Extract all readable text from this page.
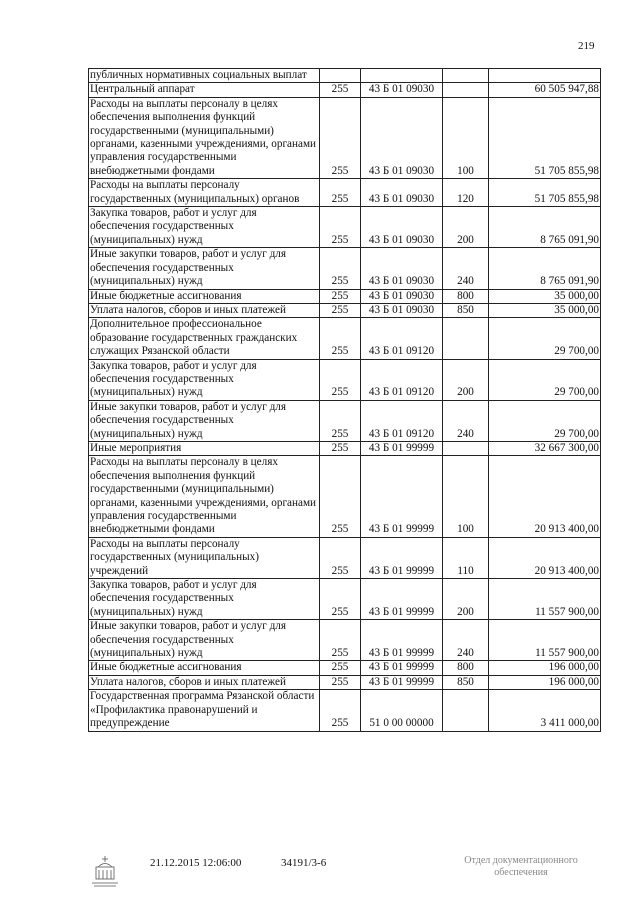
219
публичных нормативных социальных выплат				
Центральный аппарат	255	43 Б 01 09030		60 505 947,88
Расходы на выплаты персоналу в целях обеспечения выполнения функций государственными (муниципальными) органами, казенными учреждениями, органами управления государственными внебюджетными фондами	255	43 Б 01 09030	100	51 705 855,98
Расходы на выплаты персоналу государственных (муниципальных) органов	255	43 Б 01 09030	120	51 705 855,98
Закупка товаров, работ и услуг для обеспечения государственных (муниципальных) нужд	255	43 Б 01 09030	200	8 765 091,90
Иные закупки товаров, работ и услуг для обеспечения государственных (муниципальных) нужд	255	43 Б 01 09030	240	8 765 091,90
Иные бюджетные ассигнования	255	43 Б 01 09030	800	35 000,00
Уплата налогов, сборов и иных платежей	255	43 Б 01 09030	850	35 000,00
Дополнительное профессиональное образование государственных гражданских служащих Рязанской области	255	43 Б 01 09120		29 700,00
Закупка товаров, работ и услуг для обеспечения государственных (муниципальных) нужд	255	43 Б 01 09120	200	29 700,00
Иные закупки товаров, работ и услуг для обеспечения государственных (муниципальных) нужд	255	43 Б 01 09120	240	29 700,00
Иные мероприятия	255	43 Б 01 99999		32 667 300,00
Расходы на выплаты персоналу в целях обеспечения выполнения функций государственными (муниципальными) органами, казенными учреждениями, органами управления государственными внебюджетными фондами	255	43 Б 01 99999	100	20 913 400,00
Расходы на выплаты персоналу государственных (муниципальных) учреждений	255	43 Б 01 99999	110	20 913 400,00
Закупка товаров, работ и услуг для обеспечения государственных (муниципальных) нужд	255	43 Б 01 99999	200	11 557 900,00
Иные закупки товаров, работ и услуг для обеспечения государственных (муниципальных) нужд	255	43 Б 01 99999	240	11 557 900,00
Иные бюджетные ассигнования	255	43 Б 01 99999	800	196 000,00
Уплата налогов, сборов и иных платежей	255	43 Б 01 99999	850	196 000,00
Государственная программа Рязанской области «Профилактика правонарушений и предупреждение	255	51 0 00 00000		3 411 000,00
21.12.2015 12:06:00	34191/3-6	Отдел документационного обеспечения
